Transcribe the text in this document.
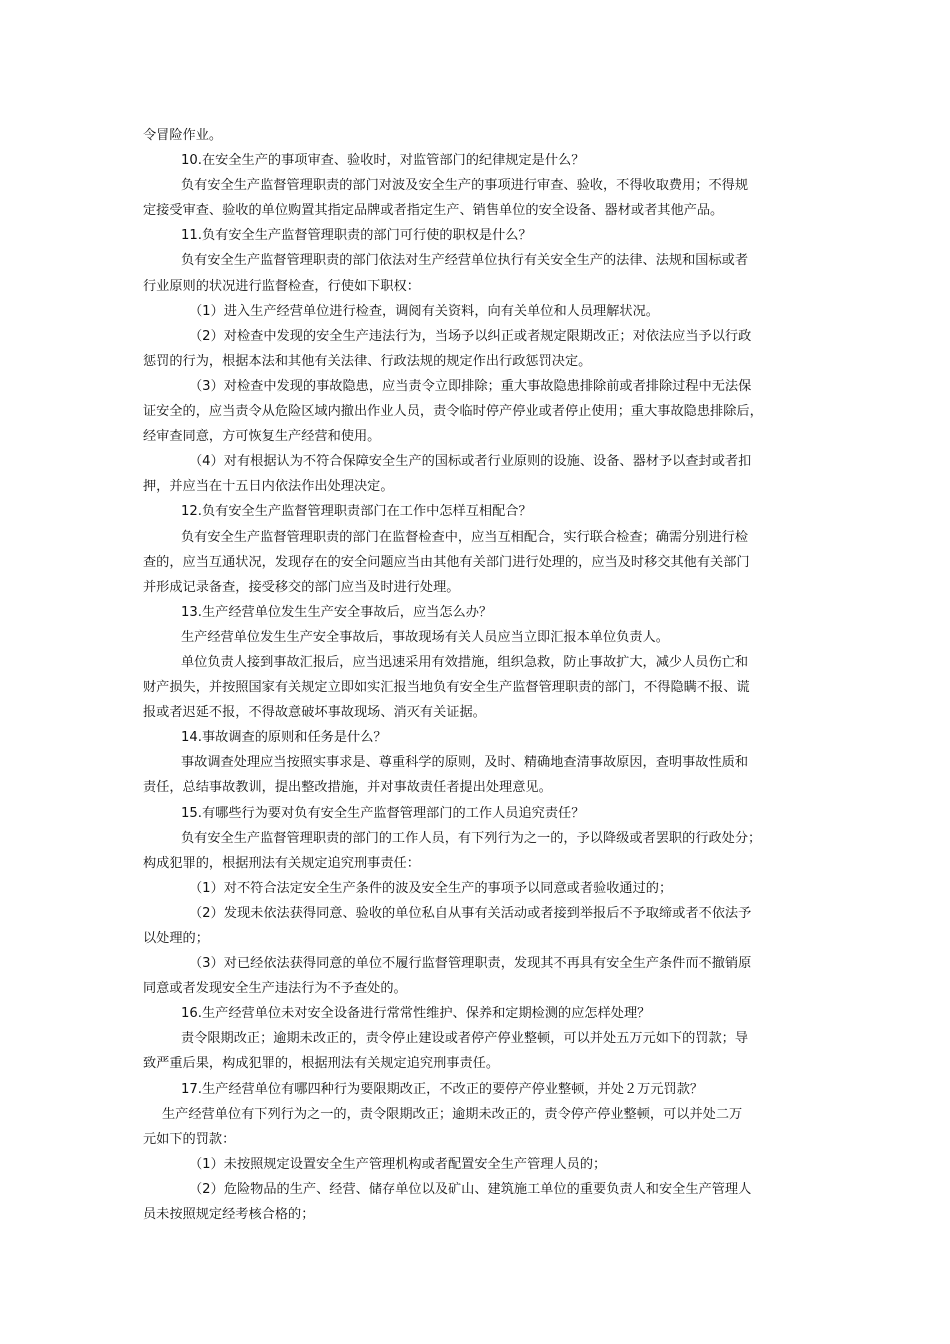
令冒险作业。
10.在安全生产的事项审查、验收时，对监管部门的纪律规定是什么？
负有安全生产监督管理职责的部门对波及安全生产的事项进行审查、验收，不得收取费用；不得规
定接受审查、验收的单位购置其指定品牌或者指定生产、销售单位的安全设备、器材或者其他产品。
11.负有安全生产监督管理职责的部门可行使的职权是什么？
负有安全生产监督管理职责的部门依法对生产经营单位执行有关安全生产的法律、法规和国标或者
行业原则的状况进行监督检查，行使如下职权：
（1）进入生产经营单位进行检查，调阅有关资料，向有关单位和人员理解状况。
（2）对检查中发现的安全生产违法行为，当场予以纠正或者规定限期改正；对依法应当予以行政
惩罚的行为，根据本法和其他有关法律、行政法规的规定作出行政惩罚决定。
（3）对检查中发现的事故隐患，应当责令立即排除；重大事故隐患排除前或者排除过程中无法保
证安全的，应当责令从危险区域内撤出作业人员，责令临时停产停业或者停止使用；重大事故隐患排除后，
经审查同意，方可恢复生产经营和使用。
（4）对有根据认为不符合保障安全生产的国标或者行业原则的设施、设备、器材予以查封或者扣
押，并应当在十五日内依法作出处理决定。
12.负有安全生产监督管理职责部门在工作中怎样互相配合？
负有安全生产监督管理职责的部门在监督检查中，应当互相配合，实行联合检查；确需分别进行检
查的，应当互通状况，发现存在的安全问题应当由其他有关部门进行处理的，应当及时移交其他有关部门
并形成记录备查，接受移交的部门应当及时进行处理。
13.生产经营单位发生生产安全事故后，应当怎么办？
生产经营单位发生生产安全事故后，事故现场有关人员应当立即汇报本单位负责人。
单位负责人接到事故汇报后，应当迅速采用有效措施，组织急救，防止事故扩大，减少人员伤亡和
财产损失，并按照国家有关规定立即如实汇报当地负有安全生产监督管理职责的部门，不得隐瞒不报、谎
报或者迟延不报，不得故意破坏事故现场、消灭有关证据。
14.事故调查的原则和任务是什么？
事故调查处理应当按照实事求是、尊重科学的原则，及时、精确地查清事故原因，查明事故性质和
责任，总结事故教训，提出整改措施，并对事故责任者提出处理意见。
15.有哪些行为要对负有安全生产监督管理部门的工作人员追究责任？
负有安全生产监督管理职责的部门的工作人员，有下列行为之一的，予以降级或者罢职的行政处分；
构成犯罪的，根据刑法有关规定追究刑事责任：
（1）对不符合法定安全生产条件的波及安全生产的事项予以同意或者验收通过的；
（2）发现未依法获得同意、验收的单位私自从事有关活动或者接到举报后不予取缔或者不依法予
以处理的；
（3）对已经依法获得同意的单位不履行监督管理职责，发现其不再具有安全生产条件而不撤销原
同意或者发现安全生产违法行为不予查处的。
16.生产经营单位未对安全设备进行常常性维护、保养和定期检测的应怎样处理？
责令限期改正；逾期未改正的，责令停止建设或者停产停业整顿，可以并处五万元如下的罚款；导
致严重后果，构成犯罪的，根据刑法有关规定追究刑事责任。
17.生产经营单位有哪四种行为要限期改正，不改正的要停产停业整顿，并处２万元罚款？
生产经营单位有下列行为之一的，责令限期改正；逾期未改正的，责令停产停业整顿，可以并处二万
元如下的罚款：
（1）未按照规定设置安全生产管理机构或者配置安全生产管理人员的；
（2）危险物品的生产、经营、储存单位以及矿山、建筑施工单位的重要负责人和安全生产管理人
员未按照规定经考核合格的；
